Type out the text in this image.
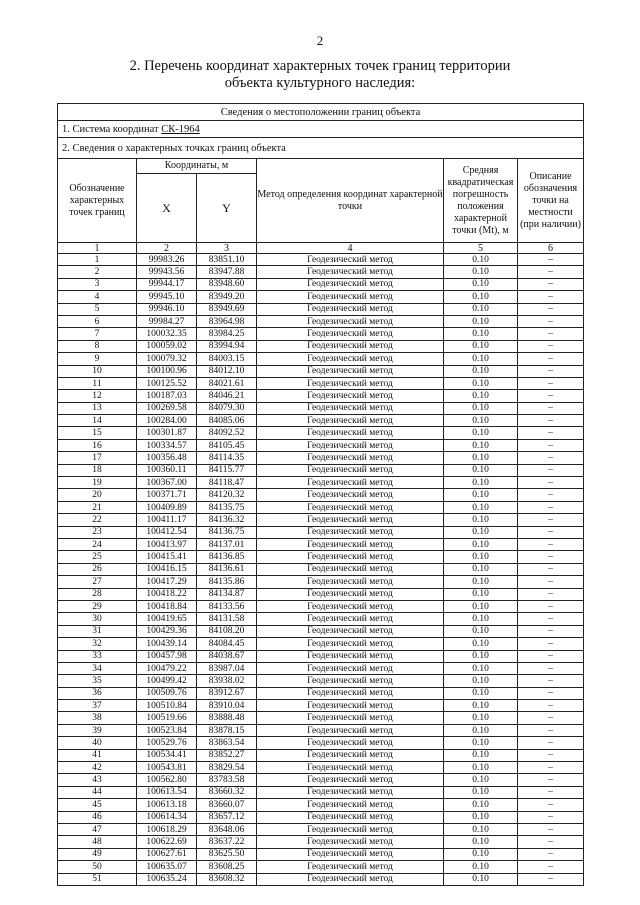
2
2. Перечень координат характерных точек границ территории
объекта культурного наследия:
Сведения о местоположении границ объекта					
1. Система координат СК-1964					
2. Сведения о характерных точках границ объекта					
Обозначение характерных точек границ	Координаты, м		Метод определения координат характерной точки	Средняя квадратическая погрешность положения характерной точки (Mt), м	Описание обозначения точки на местности (при наличии)
	X	Y			
1	2	3	4	5	6
1	99983.26	83851.10	Геодезический метод	0.10	–
2	99943.56	83947.88	Геодезический метод	0.10	–
3	99944.17	83948.60	Геодезический метод	0.10	–
4	99945.10	83949.20	Геодезический метод	0.10	–
5	99946.10	83949.69	Геодезический метод	0.10	–
6	99984.27	83964.98	Геодезический метод	0.10	–
7	100032.35	83984.25	Геодезический метод	0.10	–
8	100059.02	83994.94	Геодезический метод	0.10	–
9	100079.32	84003.15	Геодезический метод	0.10	–
10	100100.96	84012.10	Геодезический метод	0.10	–
11	100125.52	84021.61	Геодезический метод	0.10	–
12	100187.03	84046.21	Геодезический метод	0.10	–
13	100269.58	84079.30	Геодезический метод	0.10	–
14	100284.00	84085.06	Геодезический метод	0.10	–
15	100301.87	84092.52	Геодезический метод	0.10	–
16	100334.57	84105.45	Геодезический метод	0.10	–
17	100356.48	84114.35	Геодезический метод	0.10	–
18	100360.11	84115.77	Геодезический метод	0.10	–
19	100367.00	84118.47	Геодезический метод	0.10	–
20	100371.71	84120.32	Геодезический метод	0.10	–
21	100409.89	84135.75	Геодезический метод	0.10	–
22	100411.17	84136.32	Геодезический метод	0.10	–
23	100412.54	84136.75	Геодезический метод	0.10	–
24	100413.97	84137.01	Геодезический метод	0.10	–
25	100415.41	84136.85	Геодезический метод	0.10	–
26	100416.15	84136.61	Геодезический метод	0.10	–
27	100417.29	84135.86	Геодезический метод	0.10	–
28	100418.22	84134.87	Геодезический метод	0.10	–
29	100418.84	84133.56	Геодезический метод	0.10	–
30	100419.65	84131.58	Геодезический метод	0.10	–
31	100429.36	84108.20	Геодезический метод	0.10	–
32	100439.14	84084.45	Геодезический метод	0.10	–
33	100457.98	84038.67	Геодезический метод	0.10	–
34	100479.22	83987.04	Геодезический метод	0.10	–
35	100499.42	83938.02	Геодезический метод	0.10	–
36	100509.76	83912.67	Геодезический метод	0.10	–
37	100510.84	83910.04	Геодезический метод	0.10	–
38	100519.66	83888.48	Геодезический метод	0.10	–
39	100523.84	83878.15	Геодезический метод	0.10	–
40	100529.76	83863.54	Геодезический метод	0.10	–
41	100534.41	83852.27	Геодезический метод	0.10	–
42	100543.81	83829.54	Геодезический метод	0.10	–
43	100562.80	83783.58	Геодезический метод	0.10	–
44	100613.54	83660.32	Геодезический метод	0.10	–
45	100613.18	83660.07	Геодезический метод	0.10	–
46	100614.34	83657.12	Геодезический метод	0.10	–
47	100618.29	83648.06	Геодезический метод	0.10	–
48	100622.69	83637.22	Геодезический метод	0.10	–
49	100627.61	83625.50	Геодезический метод	0.10	–
50	100635.07	83608.25	Геодезический метод	0.10	–
51	100635.24	83608.32	Геодезический метод	0.10	–
